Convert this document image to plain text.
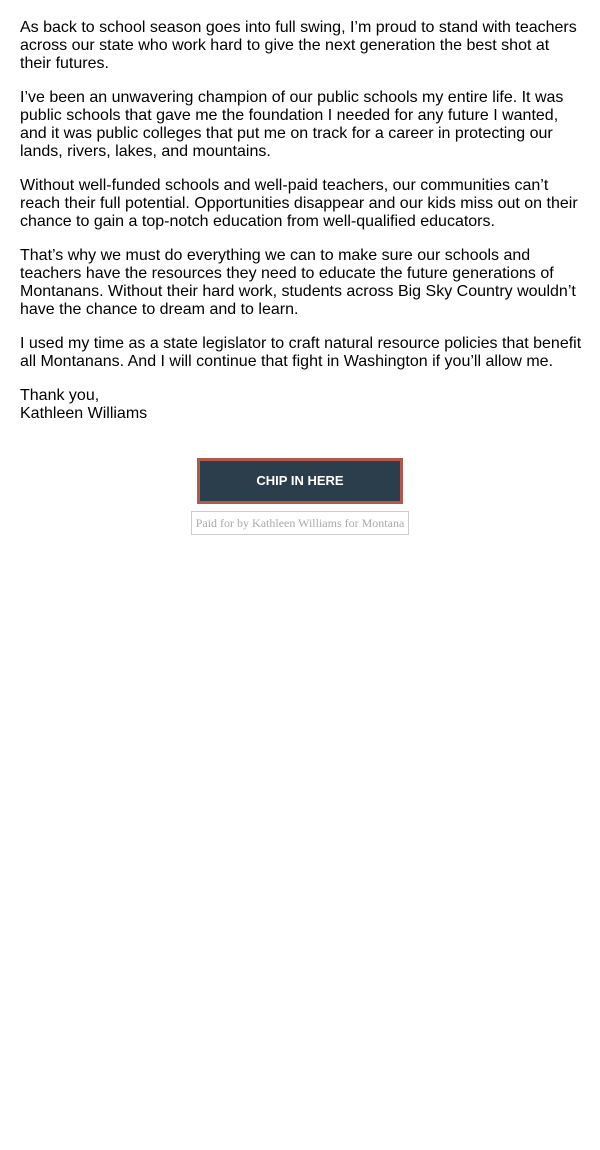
As back to school season goes into full swing, I’m proud to stand with teachers across our state who work hard to give the next generation the best shot at their futures.

I’ve been an unwavering champion of our public schools my entire life. It was public schools that gave me the foundation I needed for any future I wanted, and it was public colleges that put me on track for a career in protecting our lands, rivers, lakes, and mountains.

Without well-funded schools and well-paid teachers, our communities can’t reach their full potential. Opportunities disappear and our kids miss out on their chance to gain a top-notch education from well-qualified educators.

That’s why we must do everything we can to make sure our schools and teachers have the resources they need to educate the future generations of Montanans. Without their hard work, students across Big Sky Country wouldn’t have the chance to dream and to learn.

I used my time as a state legislator to craft natural resource policies that benefit all Montanans. And I will continue that fight in Washington if you’ll allow me.

Thank you,
Kathleen Williams
CHIP IN HERE
Paid for by Kathleen Williams for Montana
